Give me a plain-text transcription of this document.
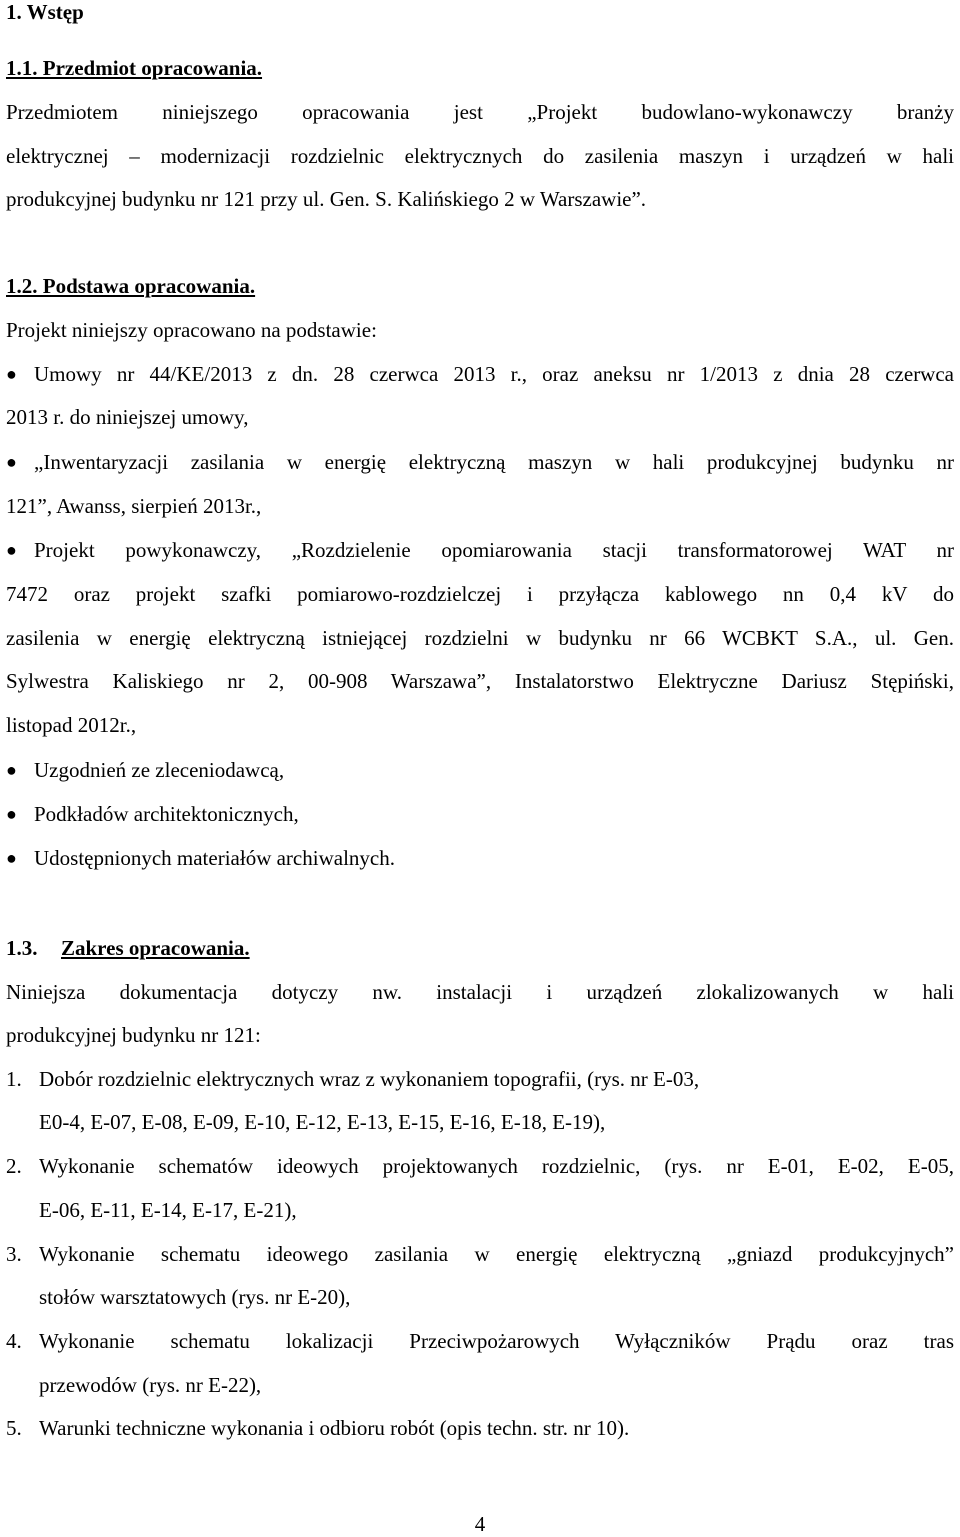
1. Wstęp
1.1. Przedmiot opracowania.
Przedmiotem niniejszego opracowania jest „Projekt budowlano-wykonawczy branży
elektrycznej – modernizacji rozdzielnic elektrycznych do zasilenia maszyn i urządzeń w hali
produkcyjnej budynku nr 121 przy ul. Gen. S. Kalińskiego 2 w Warszawie”.
1.2. Podstawa opracowania.
Projekt niniejszy opracowano na podstawie:
● Umowy nr 44/KE/2013 z dn. 28 czerwca 2013 r., oraz aneksu nr 1/2013 z dnia 28 czerwca
2013 r. do niniejszej umowy,
● „Inwentaryzacji zasilania w energię elektryczną maszyn w hali produkcyjnej budynku nr
121”, Awanss, sierpień 2013r.,
● Projekt powykonawczy, „Rozdzielenie opomiarowania stacji transformatorowej WAT nr
7472 oraz projekt szafki pomiarowo-rozdzielczej i przyłącza kablowego nn 0,4 kV do
zasilenia w energię elektryczną istniejącej rozdzielni w budynku nr 66 WCBKT S.A., ul. Gen.
Sylwestra Kaliskiego nr 2, 00-908 Warszawa”, Instalatorstwo Elektryczne Dariusz Stępiński,
listopad 2012r.,
● Uzgodnień ze zleceniodawcą,
● Podkładów architektonicznych,
● Udostępnionych materiałów archiwalnych.
1.3. Zakres opracowania.
Niniejsza dokumentacja dotyczy nw. instalacji i urządzeń zlokalizowanych w hali
produkcyjnej budynku nr 121:
1. Dobór rozdzielnic elektrycznych wraz z wykonaniem topografii, (rys. nr E-03,
E0-4, E-07, E-08, E-09, E-10, E-12, E-13, E-15, E-16, E-18, E-19),
2. Wykonanie schematów ideowych projektowanych rozdzielnic, (rys. nr E-01, E-02, E-05,
E-06, E-11, E-14, E-17, E-21),
3. Wykonanie schematu ideowego zasilania w energię elektryczną „gniazd produkcyjnych”
stołów warsztatowych (rys. nr E-20),
4. Wykonanie schematu lokalizacji Przeciwpożarowych Wyłączników Prądu oraz tras
przewodów (rys. nr E-22),
5. Warunki techniczne wykonania i odbioru robót (opis techn. str. nr 10).
4
